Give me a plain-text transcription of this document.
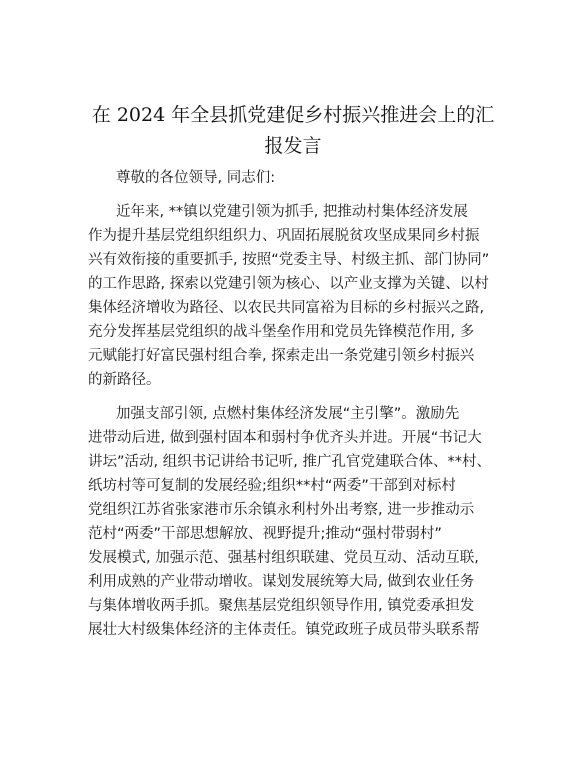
在 2024 年全县抓党建促乡村振兴推进会上的汇
报发言
尊敬的各位领导, 同志们:
近年来, **镇以党建引领为抓手, 把推动村集体经济发展
作为提升基层党组织组织力、巩固拓展脱贫攻坚成果同乡村振
兴有效衔接的重要抓手, 按照“党委主导、村级主抓、部门协同”
的工作思路, 探索以党建引领为核心、以产业支撑为关键、以村
集体经济增收为路径、以农民共同富裕为目标的乡村振兴之路,
充分发挥基层党组织的战斗堡垒作用和党员先锋模范作用, 多
元赋能打好富民强村组合拳, 探索走出一条党建引领乡村振兴
的新路径。
加强支部引领, 点燃村集体经济发展“主引擎”。激励先
进带动后进, 做到强村固本和弱村争优齐头并进。开展“书记大
讲坛”活动, 组织书记讲给书记听, 推广孔官党建联合体、**村、
纸坊村等可复制的发展经验;组织**村“两委”干部到对标村
党组织江苏省张家港市乐余镇永利村外出考察, 进一步推动示
范村“两委”干部思想解放、视野提升;推动“强村带弱村”
发展模式, 加强示范、强基村组织联建、党员互动、活动互联,
利用成熟的产业带动增收。谋划发展统筹大局, 做到农业任务
与集体增收两手抓。聚焦基层党组织领导作用, 镇党委承担发
展壮大村级集体经济的主体责任。镇党政班子成员带头联系帮
